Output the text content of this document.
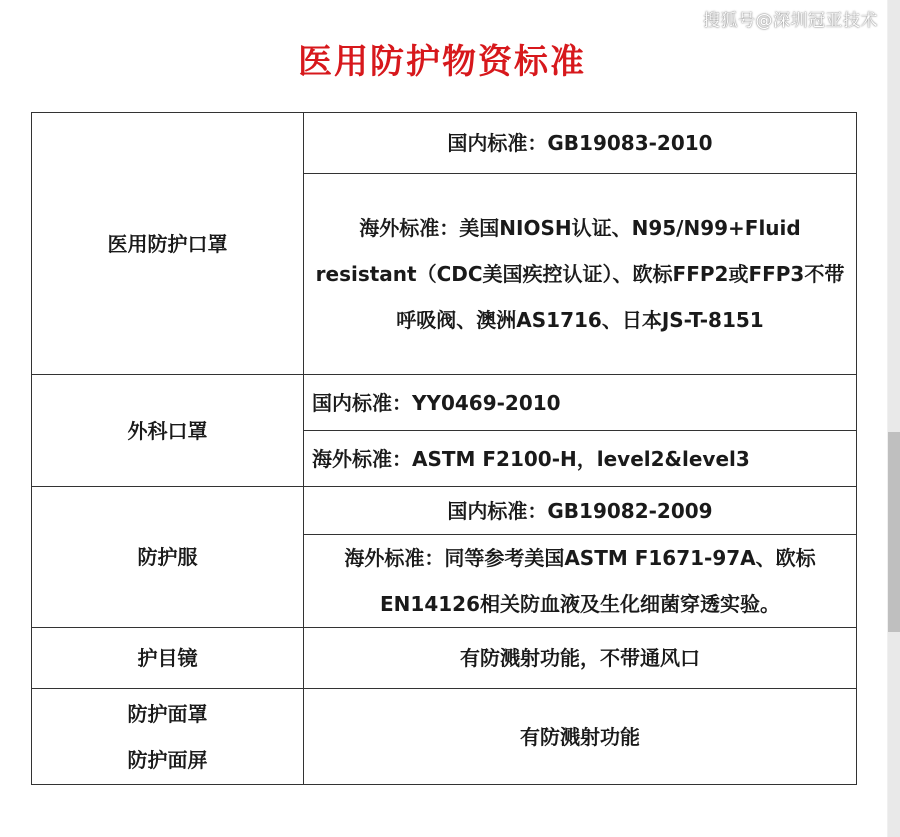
搜狐号@深圳冠亚技术
医用防护物资标准
医用防护口罩	国内标准：GB19083-2010
	海外标准：美国NIOSH认证、N95/N99+Fluid resistant（CDC美国疾控认证）、欧标FFP2或FFP3不带呼吸阀、澳洲AS1716、日本JS-T-8151
外科口罩	国内标准：YY0469-2010
	海外标准：ASTM F2100-H，level2&level3
防护服	国内标准：GB19082-2009
	海外标准：同等参考美国ASTM F1671-97A、欧标EN14126相关防血液及生化细菌穿透实验。
护目镜	有防溅射功能，不带通风口

防护面罩
防护面屏	有防溅射功能
